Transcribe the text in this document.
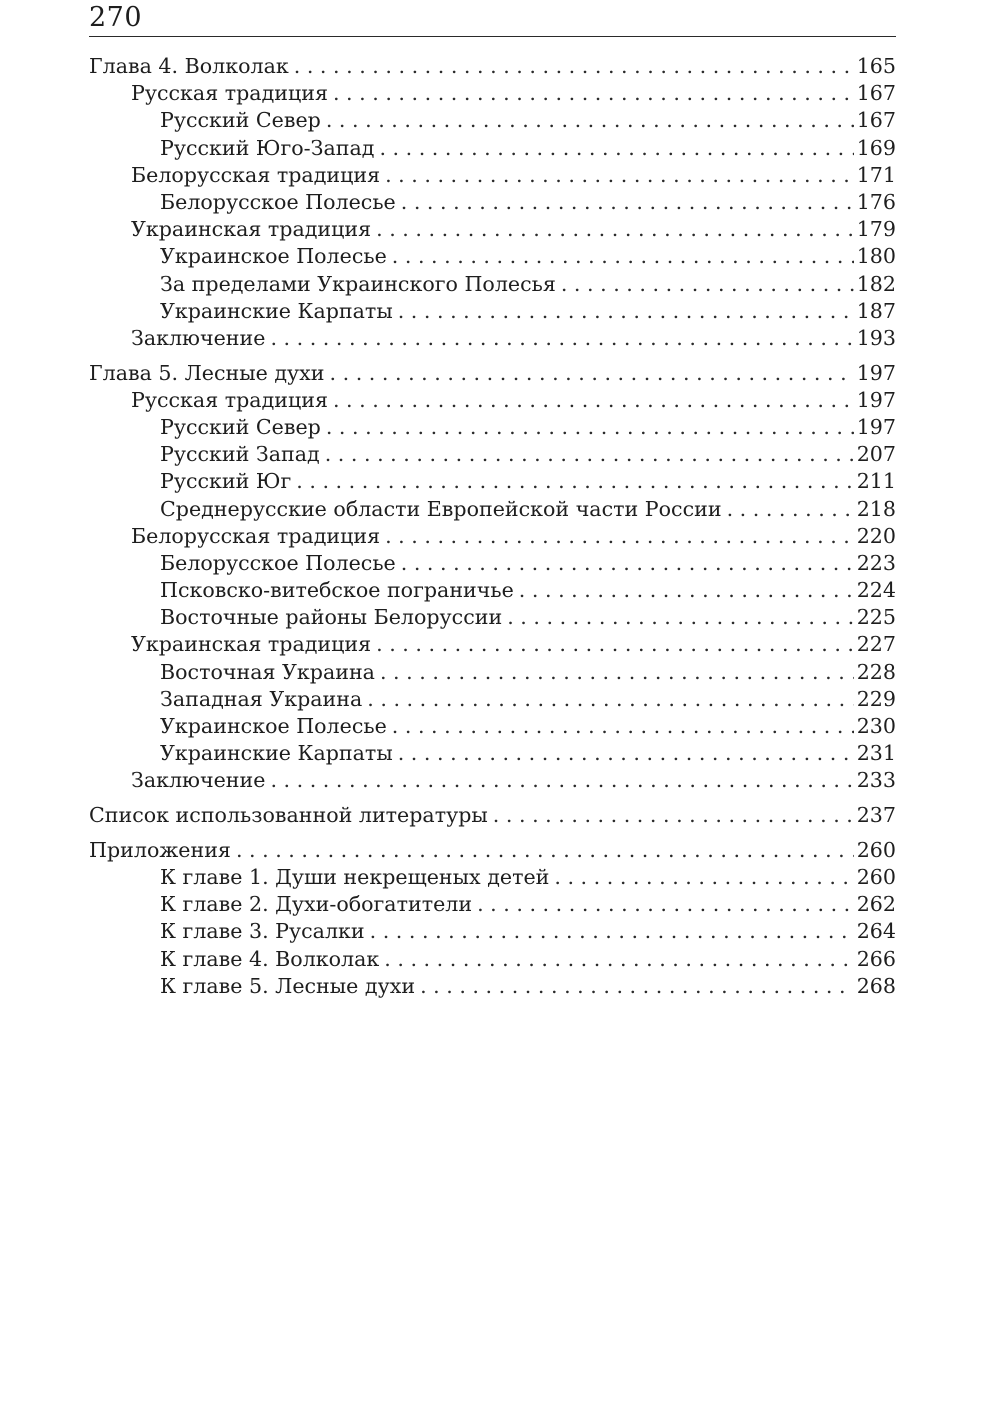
270
Глава 4. Волколак . . .	165
Русская традиция . . .	167
Русский Север . . .	167
Русский Юго-Запад . . .	169
Белорусская традиция . . .	171
Белорусское Полесье . . .	176
Украинская традиция . . .	179
Украинское Полесье . . .	180
За пределами Украинского Полесья . . .	182
Украинские Карпаты . . .	187
Заключение . . .	193
Глава 5. Лесные духи . . .	197
Русская традиция . . .	197
Русский Север . . .	197
Русский Запад . . .	207
Русский Юг . . .	211
Среднерусские области Европейской части России . . .	218
Белорусская традиция . . .	220
Белорусское Полесье . . .	223
Псковско-витебское пограничье . . .	224
Восточные районы Белоруссии . . .	225
Украинская традиция . . .	227
Восточная Украина . . .	228
Западная Украина . . .	229
Украинское Полесье . . .	230
Украинские Карпаты . . .	231
Заключение . . .	233
Список использованной литературы . . .	237
Приложения . . .	260
К главе 1. Души некрещеных детей . . .	260
К главе 2. Духи-обогатители . . .	262
К главе 3. Русалки . . .	264
К главе 4. Волколак . . .	266
К главе 5. Лесные духи . . .	268
